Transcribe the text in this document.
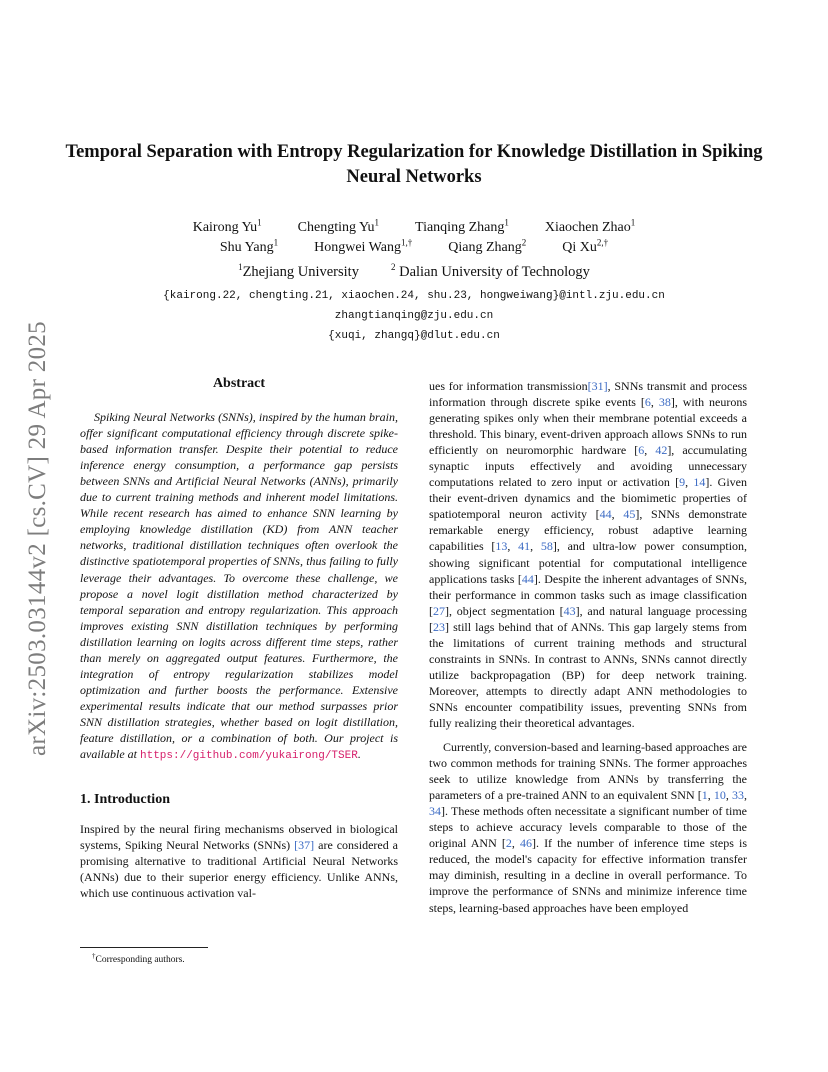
arXiv:2503.03144v2 [cs.CV] 29 Apr 2025
Temporal Separation with Entropy Regularization for Knowledge Distillation in Spiking Neural Networks
Kairong Yu$^1$	Chengting Yu$^1$	Tianqing Zhang$^1$	Xiaochen Zhao$^1$
Shu Yang$^1$	Hongwei Wang$^{1,\dagger}$	Qiang Zhang$^2$	Qi $Xu^{2,\dagger}$
$^1$Zhejiang University	$^2$ Dalian University of Technology
{kairong.22, chengting.21, xiaochen.24, shu.23, hongweiwang}@intl.zju.edu.cn
zhangtianqing@zju.edu.cn
{xuqi, zhangq}@dlut.edu.cn
Abstract

Spiking Neural Networks (SNNs), inspired by the human brain, offer significant computational efficiency through discrete spike-based information transfer. Despite their potential to reduce inference energy consumption, a performance gap persists between SNNs and Artificial Neural Networks (ANNs), primarily due to current training methods and inherent model limitations. While recent research has aimed to enhance SNN learning by employing knowledge distillation (KD) from ANN teacher networks, traditional distillation techniques often overlook the distinctive spatiotemporal properties of SNNs, thus failing to fully leverage their advantages. To overcome these challenge, we propose a novel logit distillation method characterized by temporal separation and entropy regularization. This approach improves existing SNN distillation techniques by performing distillation learning on logits across different time steps, rather than merely on aggregated output features. Furthermore, the integration of entropy regularization stabilizes model optimization and further boosts the performance. Extensive experimental results indicate that our method surpasses prior SNN distillation strategies, whether based on logit distillation, feature distillation, or a combination of both. Our project is available at https://github.com/yukairong/TSER.

1. Introduction

Inspired by the neural firing mechanisms observed in biological systems, Spiking Neural Networks (SNNs) [37] are considered a promising alternative to traditional Artificial Neural Networks (ANNs) due to their superior energy efficiency. Unlike ANNs, which use continuous activation val-

ues for information transmission[31], SNNs transmit and process information through discrete spike events [6, 38], with neurons generating spikes only when their membrane potential exceeds a threshold. This binary, event-driven approach allows SNNs to run efficiently on neuromorphic hardware [6, 42], accumulating synaptic inputs effectively and avoiding unnecessary computations related to zero input or activation [9, 14]. Given their event-driven dynamics and the biomimetic properties of spatiotemporal neuron activity [44, 45], SNNs demonstrate remarkable energy efficiency, robust adaptive learning capabilities [13, 41, 58], and ultra-low power consumption, showing significant potential for computational intelligence applications tasks [44]. Despite the inherent advantages of SNNs, their performance in common tasks such as image classification [27], object segmentation [43], and natural language processing [23] still lags behind that of ANNs. This gap largely stems from the limitations of current training methods and structural constraints in SNNs. In contrast to ANNs, SNNs cannot directly utilize backpropagation (BP) for deep network training. Moreover, attempts to directly adapt ANN methodologies to SNNs encounter compatibility issues, preventing SNNs from fully realizing their theoretical advantages.

Currently, conversion-based and learning-based approaches are two common methods for training SNNs. The former approaches seek to utilize knowledge from ANNs by transferring the parameters of a pre-trained ANN to an equivalent SNN [1, 10, 33, 34]. These methods often necessitate a significant number of time steps to achieve accuracy levels comparable to those of the original ANN [2, 46]. If the number of inference time steps is reduced, the model's capacity for effective information transfer may diminish, resulting in a decline in overall performance. To improve the performance of SNNs and minimize inference time steps, learning-based approaches have been employed

†Corresponding authors.
